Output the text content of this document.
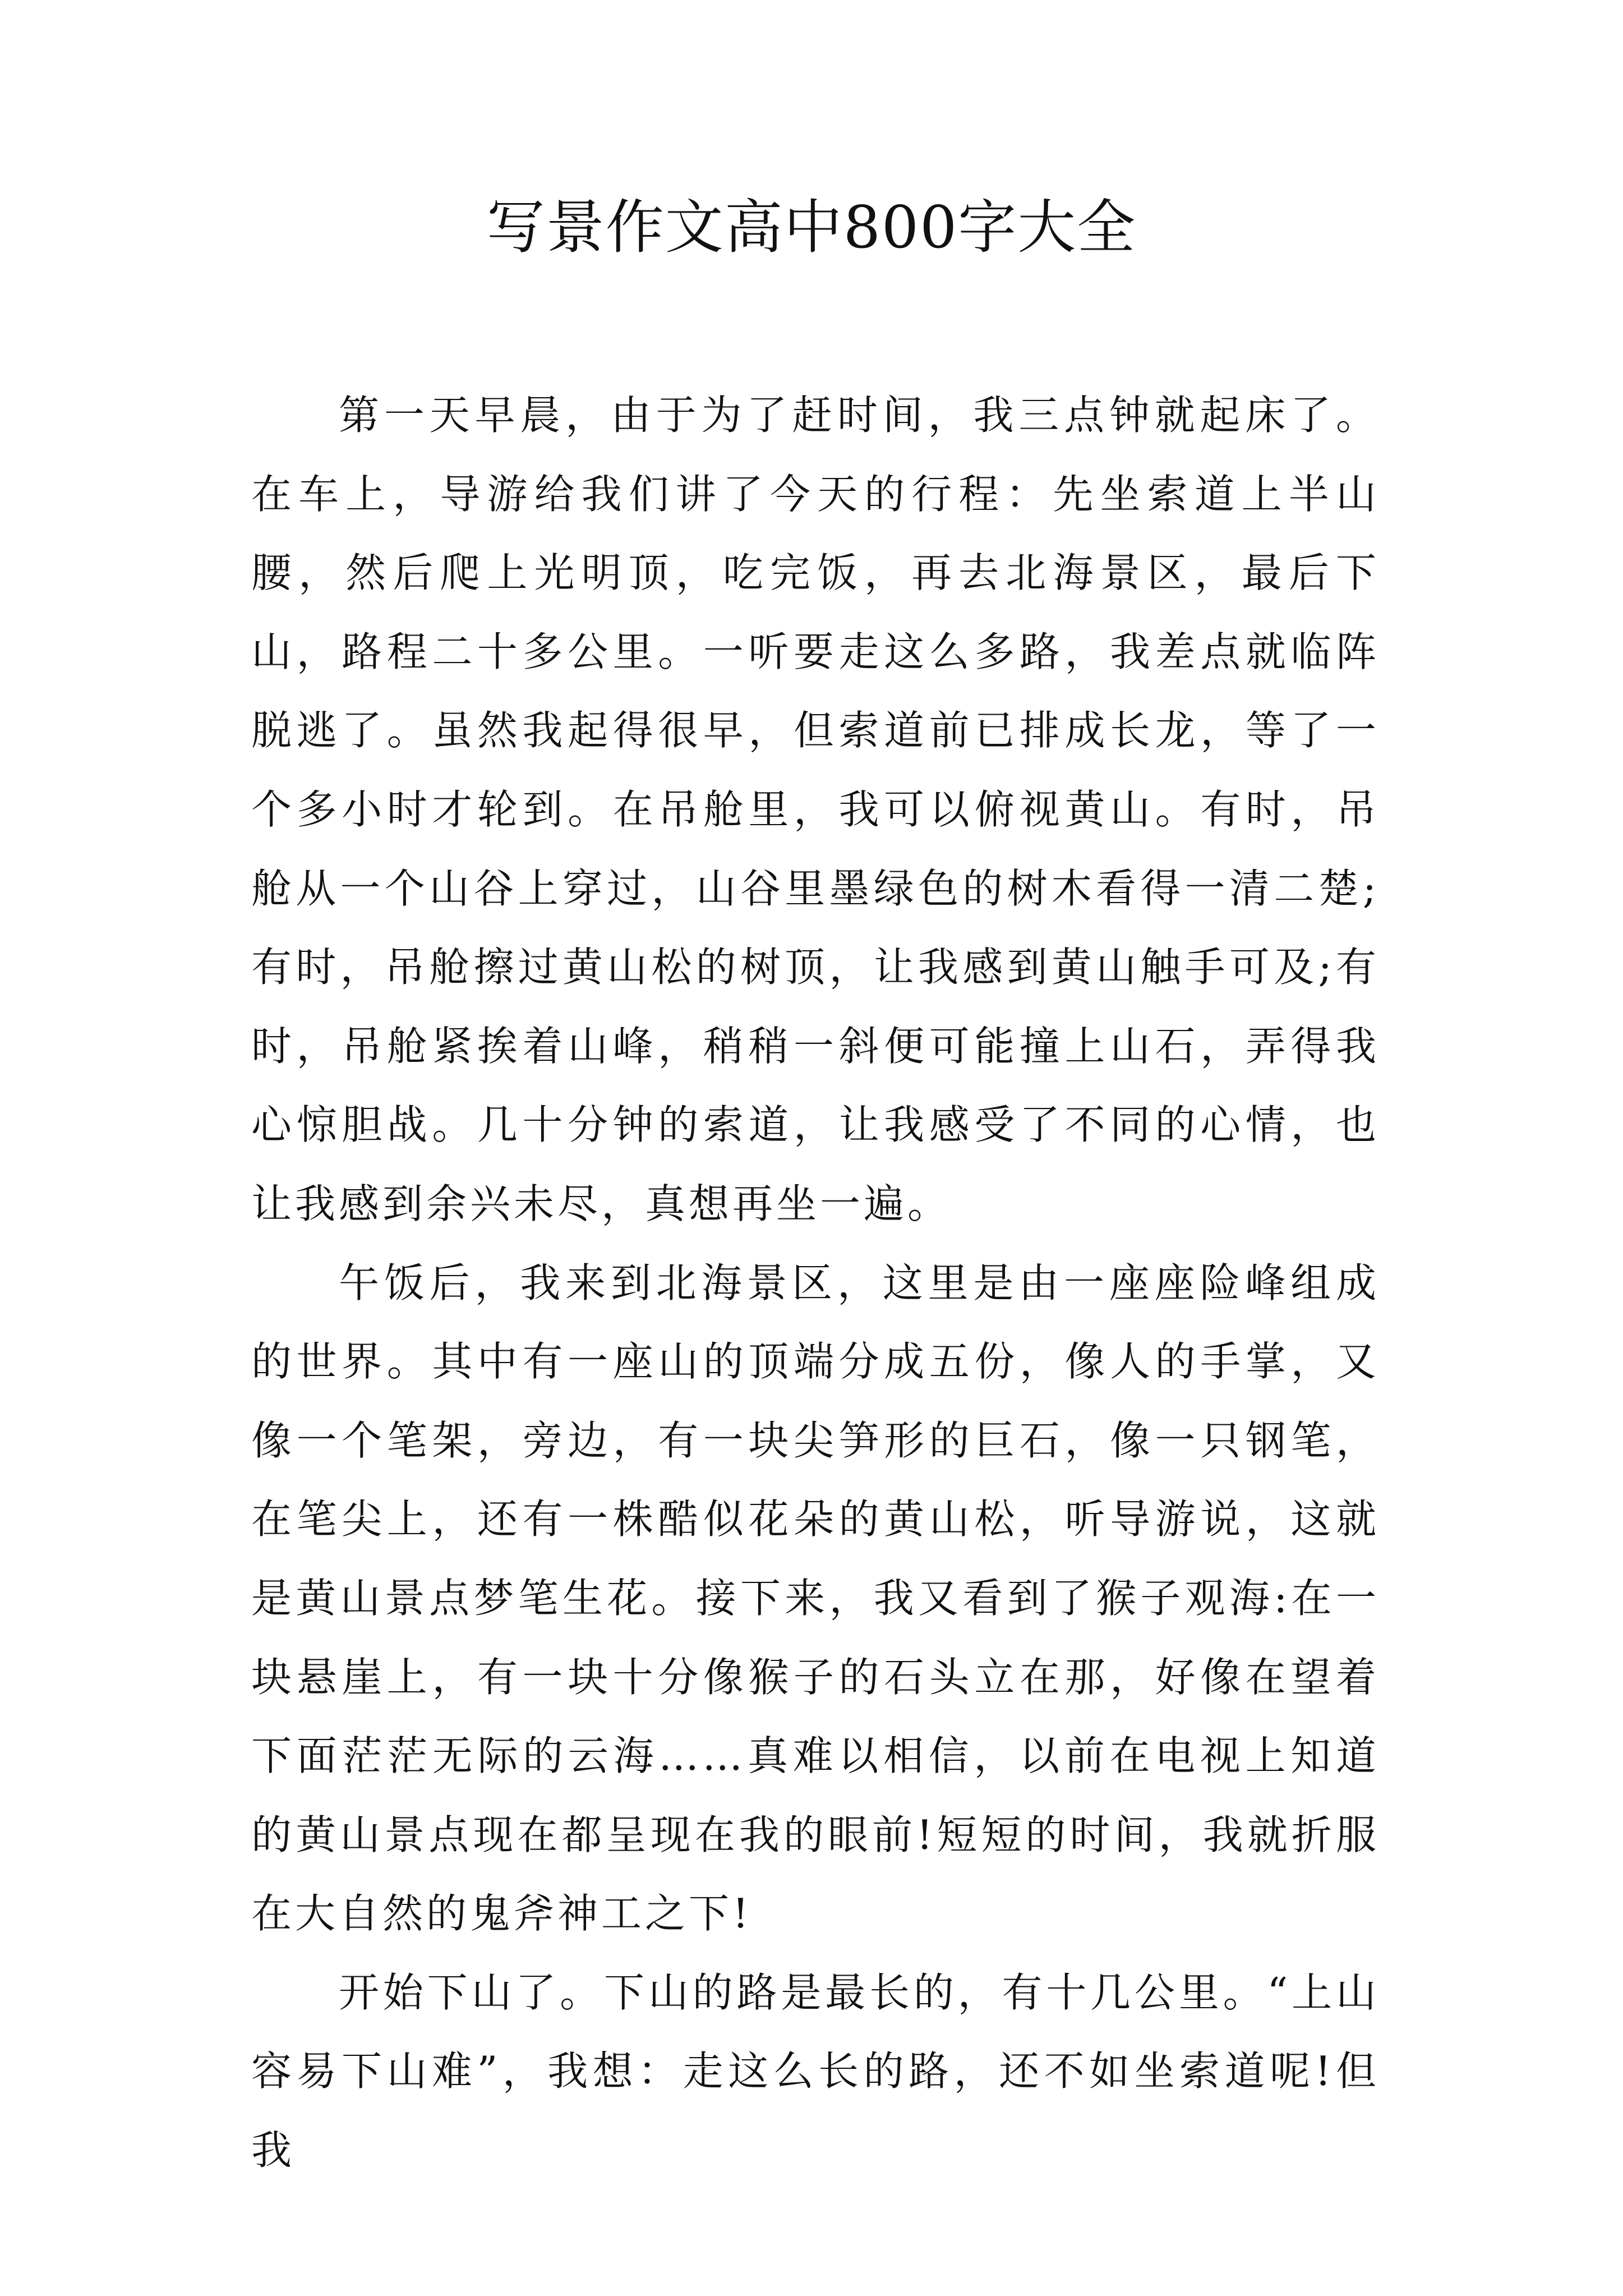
写景作文高中800字大全

第一天早晨，由于为了赶时间，我三点钟就起床了。在车上，导游给我们讲了今天的行程：先坐索道上半山腰，然后爬上光明顶，吃完饭，再去北海景区，最后下山，路程二十多公里。一听要走这么多路，我差点就临阵脱逃了。虽然我起得很早，但索道前已排成长龙，等了一个多小时才轮到。在吊舱里，我可以俯视黄山。有时，吊舱从一个山谷上穿过，山谷里墨绿色的树木看得一清二楚;有时，吊舱擦过黄山松的树顶，让我感到黄山触手可及;有时，吊舱紧挨着山峰，稍稍一斜便可能撞上山石，弄得我心惊胆战。几十分钟的索道，让我感受了不同的心情，也让我感到余兴未尽，真想再坐一遍。

午饭后，我来到北海景区，这里是由一座座险峰组成的世界。其中有一座山的顶端分成五份，像人的手掌，又像一个笔架，旁边，有一块尖笋形的巨石，像一只钢笔，在笔尖上，还有一株酷似花朵的黄山松，听导游说，这就是黄山景点梦笔生花。接下来，我又看到了猴子观海:在一块悬崖上，有一块十分像猴子的石头立在那，好像在望着下面茫茫无际的云海……真难以相信，以前在电视上知道的黄山景点现在都呈现在我的眼前!短短的时间，我就折服在大自然的鬼斧神工之下!

开始下山了。下山的路是最长的，有十几公里。“上山容易下山难”，我想：走这么长的路，还不如坐索道呢!但我
